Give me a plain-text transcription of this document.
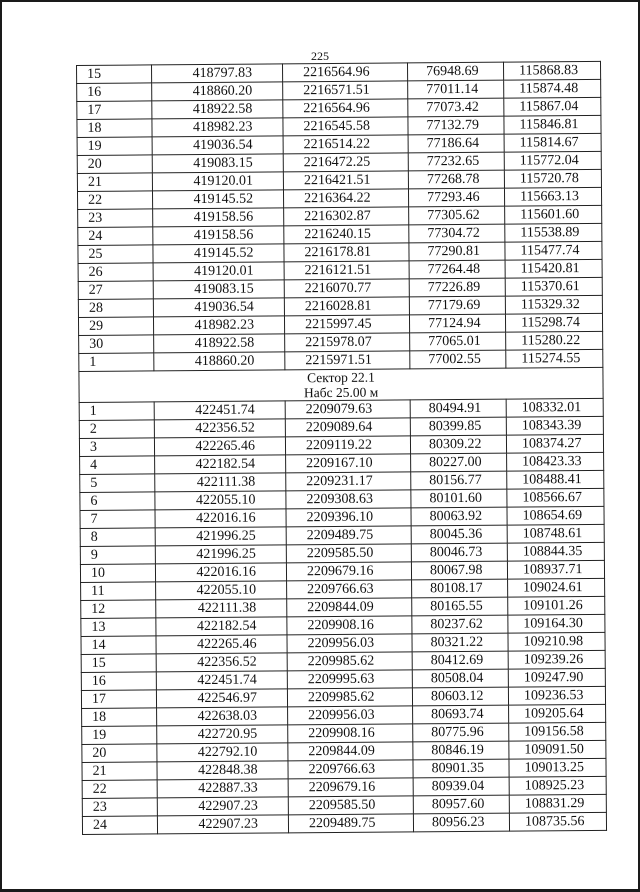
225
15	418797.83	2216564.96	76948.69	115868.83
16	418860.20	2216571.51	77011.14	115874.48
17	418922.58	2216564.96	77073.42	115867.04
18	418982.23	2216545.58	77132.79	115846.81
19	419036.54	2216514.22	77186.64	115814.67
20	419083.15	2216472.25	77232.65	115772.04
21	419120.01	2216421.51	77268.78	115720.78
22	419145.52	2216364.22	77293.46	115663.13
23	419158.56	2216302.87	77305.62	115601.60
24	419158.56	2216240.15	77304.72	115538.89
25	419145.52	2216178.81	77290.81	115477.74
26	419120.01	2216121.51	77264.48	115420.81
27	419083.15	2216070.77	77226.89	115370.61
28	419036.54	2216028.81	77179.69	115329.32
29	418982.23	2215997.45	77124.94	115298.74
30	418922.58	2215978.07	77065.01	115280.22
1	418860.20	2215971.51	77002.55	115274.55

Сектор 22.1
Набс 25.00 м				

1	422451.74	2209079.63	80494.91	108332.01
2	422356.52	2209089.64	80399.85	108343.39
3	422265.46	2209119.22	80309.22	108374.27
4	422182.54	2209167.10	80227.00	108423.33
5	422111.38	2209231.17	80156.77	108488.41
6	422055.10	2209308.63	80101.60	108566.67
7	422016.16	2209396.10	80063.92	108654.69
8	421996.25	2209489.75	80045.36	108748.61
9	421996.25	2209585.50	80046.73	108844.35
10	422016.16	2209679.16	80067.98	108937.71
11	422055.10	2209766.63	80108.17	109024.61
12	422111.38	2209844.09	80165.55	109101.26
13	422182.54	2209908.16	80237.62	109164.30
14	422265.46	2209956.03	80321.22	109210.98
15	422356.52	2209985.62	80412.69	109239.26
16	422451.74	2209995.63	80508.04	109247.90
17	422546.97	2209985.62	80603.12	109236.53
18	422638.03	2209956.03	80693.74	109205.64
19	422720.95	2209908.16	80775.96	109156.58
20	422792.10	2209844.09	80846.19	109091.50
21	422848.38	2209766.63	80901.35	109013.25
22	422887.33	2209679.16	80939.04	108925.23
23	422907.23	2209585.50	80957.60	108831.29
24	422907.23	2209489.75	80956.23	108735.56
